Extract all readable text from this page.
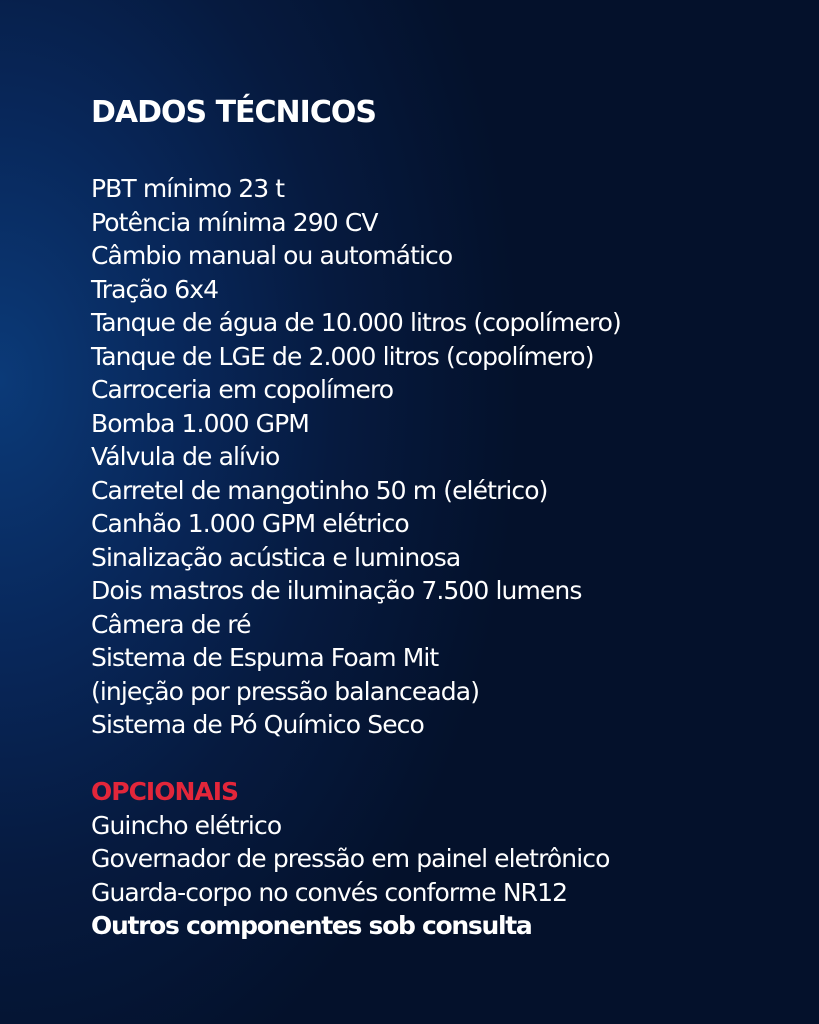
DADOS TÉCNICOS
PBT mínimo 23 t
Potência mínima 290 CV
Câmbio manual ou automático
Tração 6x4
Tanque de água de 10.000 litros (copolímero)
Tanque de LGE de 2.000 litros (copolímero)
Carroceria em copolímero
Bomba 1.000 GPM
Válvula de alívio
Carretel de mangotinho 50 m (elétrico)
Canhão 1.000 GPM elétrico
Sinalização acústica e luminosa
Dois mastros de iluminação 7.500 lumens
Câmera de ré
Sistema de Espuma Foam Mit
(injeção por pressão balanceada)
Sistema de Pó Químico Seco
OPCIONAIS
Guincho elétrico
Governador de pressão em painel eletrônico
Guarda-corpo no convés conforme NR12
Outros componentes sob consulta
